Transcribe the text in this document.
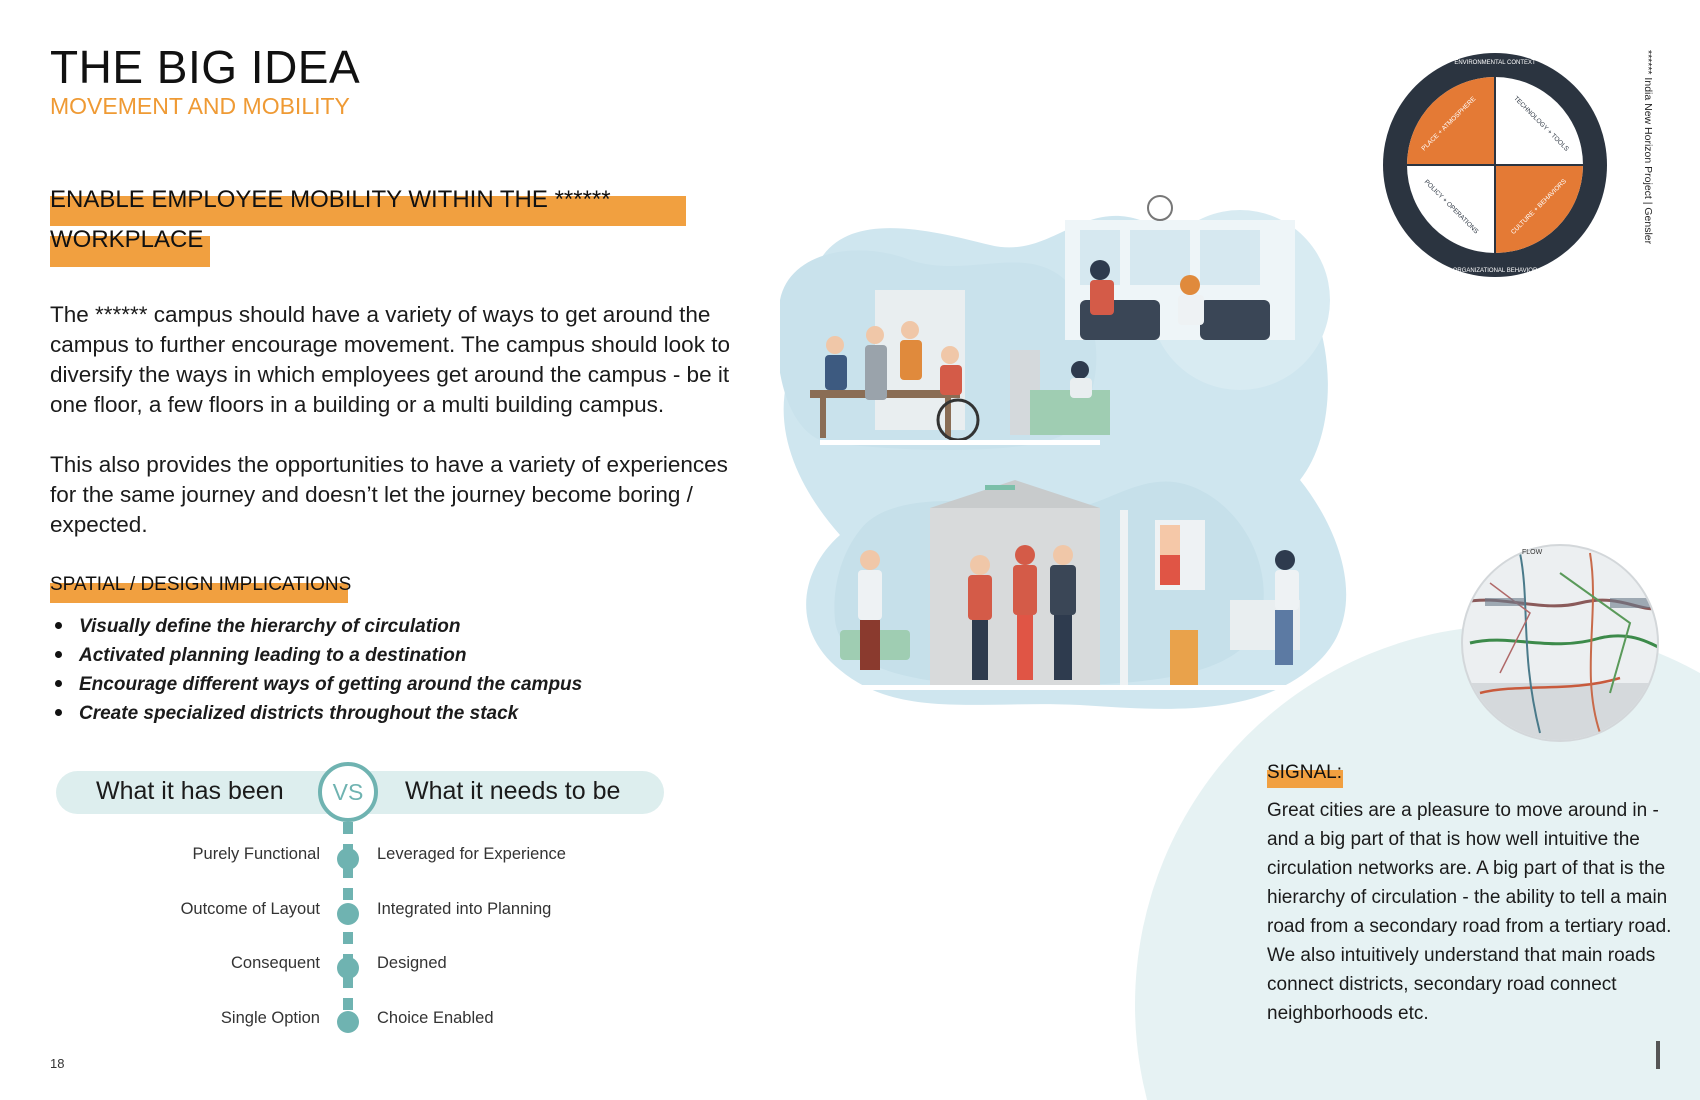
THE BIG IDEA
MOVEMENT AND MOBILITY
ENABLE EMPLOYEE MOBILITY WITHIN THE ******
WORKPLACE

The ****** campus should have a variety of ways to get around the campus to further encourage movement. The campus should look to diversify the ways in which employees get around the campus - be it one floor, a few floors in a building or a multi building campus.

This also provides the opportunities to have a variety of experiences for the same journey and doesn’t let the journey become boring / expected.

SPATIAL / DESIGN IMPLICATIONS
Visually define the hierarchy of circulation
Activated planning leading to a destination
Encourage different ways of getting around the campus
Create specialized districts throughout the stack
What it has been	What it needs to be
VS
Purely Functional	Leveraged for Experience
Outcome of Layout	Integrated into Planning
Consequent	Designed
Single Option	Choice Enabled
18
ENVIRONMENTAL CONTEXT
ORGANIZATIONAL BEHAVIOR
PLACE + ATMOSPHERE	TECHNOLOGY + TOOLS
POLICY + OPERATIONS	CULTURE + BEHAVIORS	****** India New Horizon Project | Gensler
FLOW
SIGNAL:

Great cities are a pleasure to move around in - and a big part of that is how well intuitive the circulation networks are. A big part of that is the hierarchy of circulation - the ability to tell a main road from a secondary road from a tertiary road. We also intuitively understand that main roads connect districts, secondary road connect neighborhoods etc.
